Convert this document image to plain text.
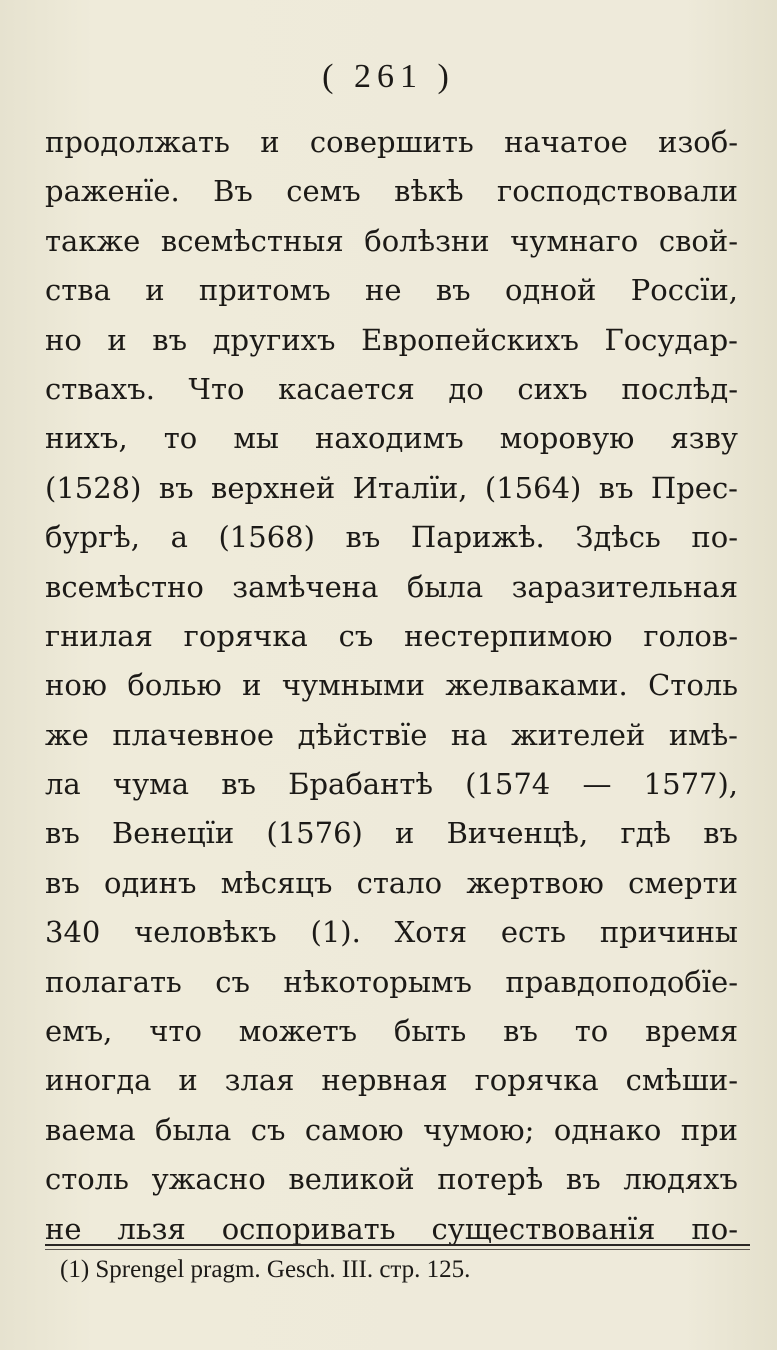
( 261 )
продолжать и совершить начатое изоб-
раженїе. Въ семъ вѣкѣ господствовали
также всемѣстныя болѣзни чумнаго свой-
ства и притомъ не въ одной Россїи,
но и въ другихъ Европейскихъ Государ-
ствахъ. Что касается до сихъ послѣд-
нихъ, то мы находимъ моровую язву
(1528) въ верхней Италїи, (1564) въ Прес-
бургѣ, а (1568) въ Парижѣ. Здѣсь по-
всемѣстно замѣчена была заразительная
гнилая горячка съ нестерпимою голов-
ною болью и чумными желваками. Столь
же плачевное дѣйствїе на жителей имѣ-
ла чума въ Брабантѣ (1574 — 1577),
въ Венецїи (1576) и Виченцѣ, гдѣ въ
въ одинъ мѣсяцъ стало жертвою смерти
340 человѣкъ (1). Хотя есть причины
полагать съ нѣкоторымъ правдоподобїе-
емъ, что можетъ быть въ то время
иногда и злая нервная горячка смѣши-
ваема была съ самою чумою; однако при
столь ужасно великой потерѣ въ людяхъ
не льзя оспоривать существованїя по-
(1) Sprengel pragm. Gesch. III. стр. 125.
